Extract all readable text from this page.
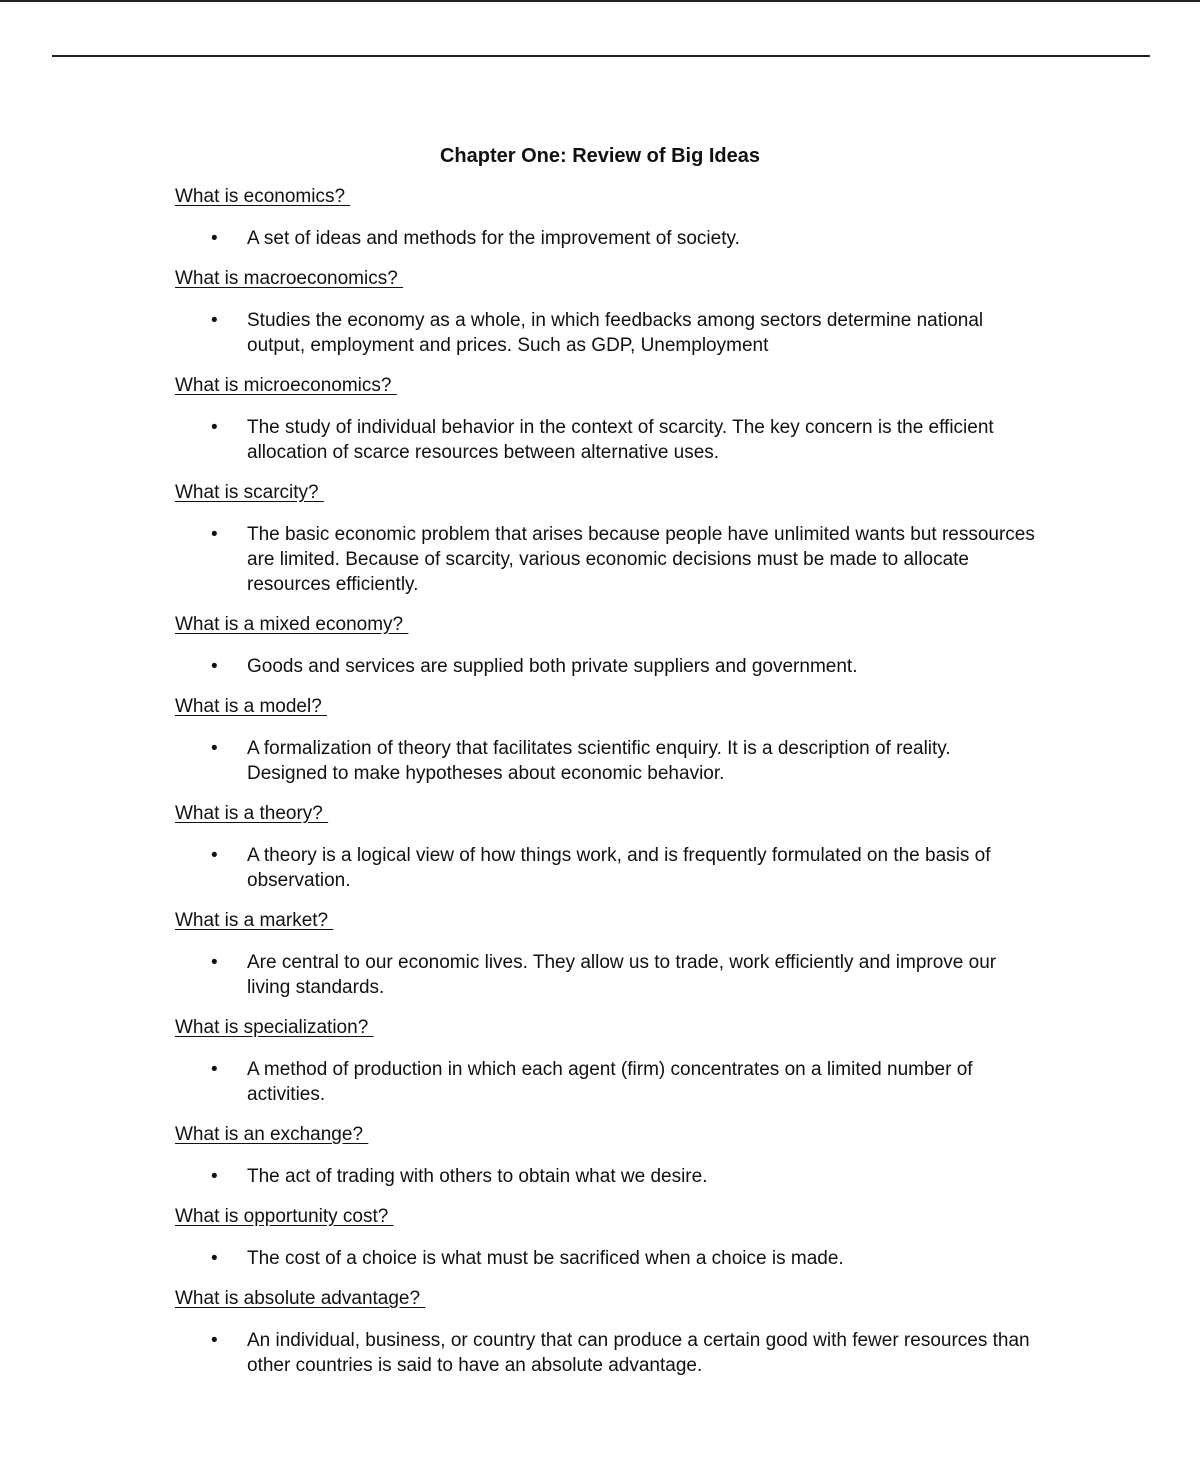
Chapter One: Review of Big Ideas

What is economics?

• A set of ideas and methods for the improvement of society.

What is macroeconomics?

• Studies the economy as a whole, in which feedbacks among sectors determine national output, employment and prices. Such as GDP, Unemployment

What is microeconomics?

• The study of individual behavior in the context of scarcity. The key concern is the efficient allocation of scarce resources between alternative uses.

What is scarcity?

• The basic economic problem that arises because people have unlimited wants but ressources are limited. Because of scarcity, various economic decisions must be made to allocate resources efficiently.

What is a mixed economy?

• Goods and services are supplied both private suppliers and government.

What is a model?

• A formalization of theory that facilitates scientific enquiry. It is a description of reality. Designed to make hypotheses about economic behavior.

What is a theory?

• A theory is a logical view of how things work, and is frequently formulated on the basis of observation.

What is a market?

• Are central to our economic lives. They allow us to trade, work efficiently and improve our living standards.

What is specialization?

• A method of production in which each agent (firm) concentrates on a limited number of activities.

What is an exchange?

• The act of trading with others to obtain what we desire.

What is opportunity cost?

• The cost of a choice is what must be sacrificed when a choice is made.

What is absolute advantage?

• An individual, business, or country that can produce a certain good with fewer resources than other countries is said to have an absolute advantage.
